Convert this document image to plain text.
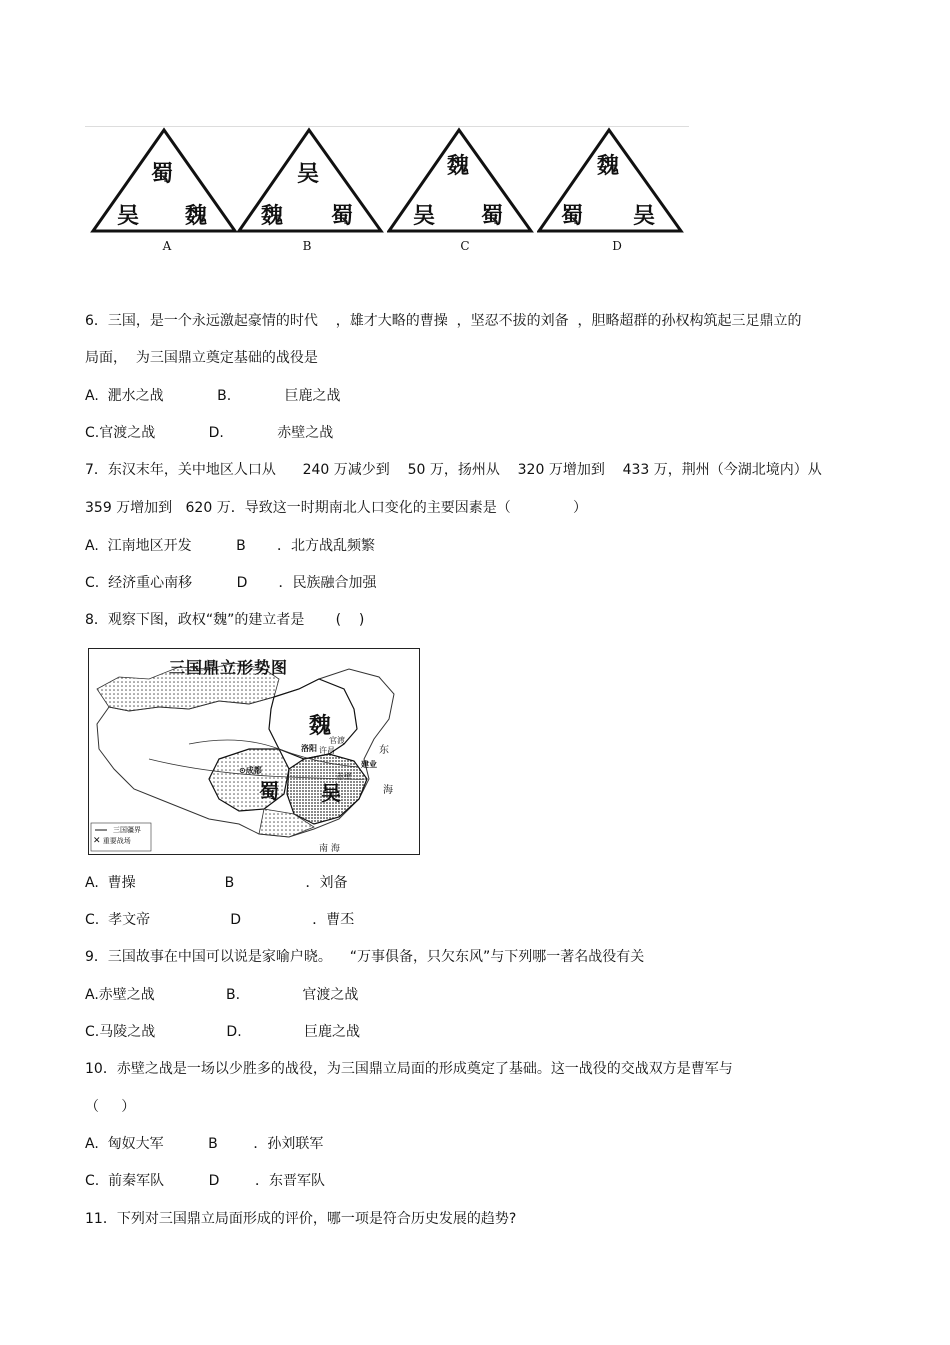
蜀
吴 魏
A
吴
魏 蜀
B
魏
吴 蜀
C
魏
蜀 吴
D
6．三国，是一个永远激起豪情的时代    ，雄才大略的曹操  ，坚忍不拔的刘备  ，胆略超群的孙权构筑起三足鼎立的
局面，  为三国鼎立奠定基础的战役是
A.  淝水之战            B.            巨鹿之战
C.官渡之战            D.            赤壁之战
7．东汉末年，关中地区人口从      240 万减少到    50 万，扬州从    320 万增加到    433 万，荆州（今湖北境内）从
359 万增加到   620 万．导致这一时期南北人口变化的主要因素是（              ）
A.  江南地区开发          B       ．北方战乱频繁
C.  经济重心南移          D       ．民族融合加强
8．观察下图，政权“魏”的建立者是       (    )
三国鼎立形势图
魏
蜀 吴
洛阳
⊙成都
建业
官渡
许昌
赤壁
东
海
南 海
三国疆界
✕ 重要战场
A.  曹操                    B                ．刘备
C.  孝文帝                  D                ．曹丕
9．三国故事在中国可以说是家喻户晓。    “万事俱备，只欠东风”与下列哪一著名战役有关
A.赤壁之战                B.              官渡之战
C.马陵之战                D.              巨鹿之战
10．赤壁之战是一场以少胜多的战役，为三国鼎立局面的形成奠定了基础。这一战役的交战双方是曹军与
（     ）
A.  匈奴大军          B        ．孙刘联军
C.  前秦军队          D        ．东晋军队
11．下列对三国鼎立局面形成的评价，哪一项是符合历史发展的趋势?
